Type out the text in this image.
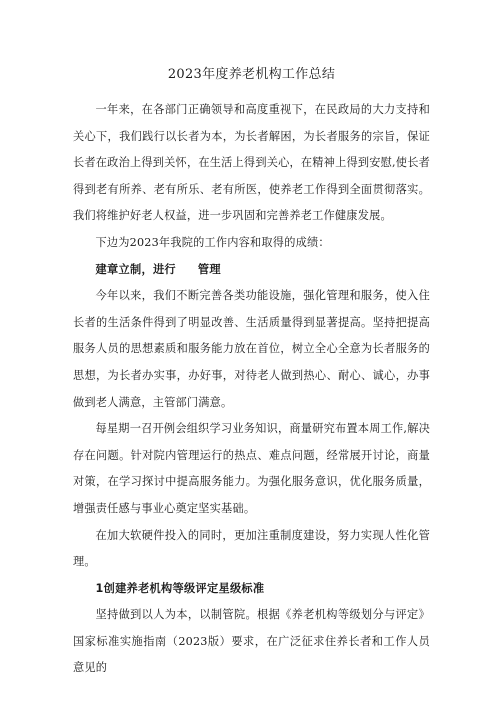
2023年度养老机构工作总结

一年来，在各部门正确领导和高度重视下，在民政局的大力支持和关心下，我们践行以长者为本，为长者解困，为长者服务的宗旨，保证长者在政治上得到关怀，在生活上得到关心，在精神上得到安慰,使长者得到老有所养、老有所乐、老有所医，使养老工作得到全面贯彻落实。我们将维护好老人权益，进一步巩固和完善养老工作健康发展。

下边为2023年我院的工作内容和取得的成绩：

建章立制，进行 管理

今年以来，我们不断完善各类功能设施，强化管理和服务，使入住长者的生活条件得到了明显改善、生活质量得到显著提高。坚持把提高服务人员的思想素质和服务能力放在首位，树立全心全意为长者服务的思想，为长者办实事，办好事，对待老人做到热心、耐心、诚心，办事做到老人满意，主管部门满意。

每星期一召开例会组织学习业务知识，商量研究布置本周工作,解决存在问题。针对院内管理运行的热点、难点问题，经常展开讨论，商量对策，在学习探讨中提高服务能力。为强化服务意识，优化服务质量，增强责任感与事业心奠定坚实基础。

在加大软硬件投入的同时，更加注重制度建设，努力实现人性化管理。

1创建养老机构等级评定星级标准

坚持做到以人为本，以制管院。根据《养老机构等级划分与评定》国家标准实施指南（2023版）要求，在广泛征求住养长者和工作人员意见的
